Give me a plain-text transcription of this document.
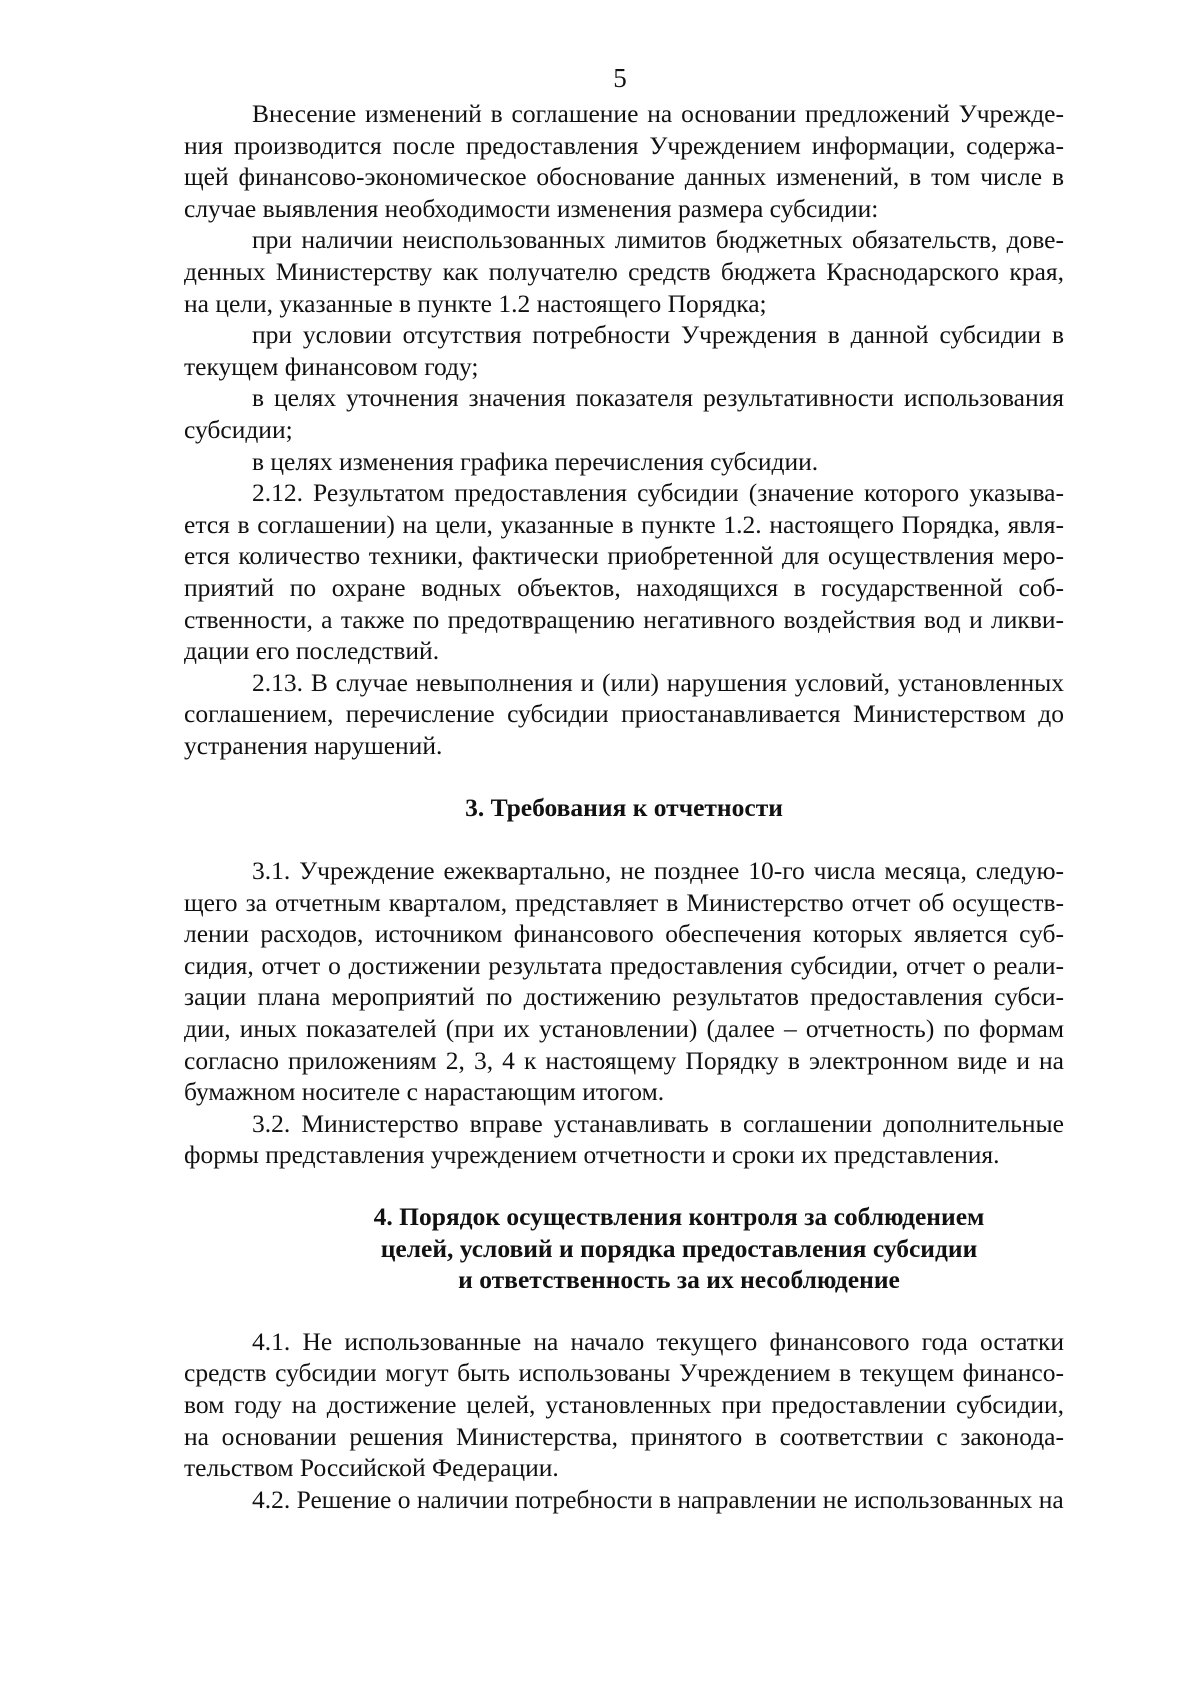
5

Внесение изменений в соглашение на основании предложений Учрежде-ния производится после предоставления Учреждением информации, содержа-щей финансово-экономическое обоснование данных изменений, в том числе в случае выявления необходимости изменения размера субсидии:

при наличии неиспользованных лимитов бюджетных обязательств, дове-денных Министерству как получателю средств бюджета Краснодарского края, на цели, указанные в пункте 1.2 настоящего Порядка;

при условии отсутствия потребности Учреждения в данной субсидии в текущем финансовом году;

в целях уточнения значения показателя результативности использования субсидии;

в целях изменения графика перечисления субсидии.

2.12. Результатом предоставления субсидии (значение которого указыва-ется в соглашении) на цели, указанные в пункте 1.2. настоящего Порядка, явля-ется количество техники, фактически приобретенной для осуществления меро-приятий по охране водных объектов, находящихся в государственной соб-ственности, а также по предотвращению негативного воздействия вод и ликви-дации его последствий.

2.13. В случае невыполнения и (или) нарушения условий, установленных соглашением, перечисление субсидии приостанавливается Министерством до устранения нарушений.

3. Требования к отчетности

3.1. Учреждение ежеквартально, не позднее 10-го числа месяца, следую-щего за отчетным кварталом, представляет в Министерство отчет об осуществ-лении расходов, источником финансового обеспечения которых является суб-сидия, отчет о достижении результата предоставления субсидии, отчет о реали-зации плана мероприятий по достижению результатов предоставления субси-дии, иных показателей (при их установлении) (далее – отчетность) по формам согласно приложениям 2, 3, 4 к настоящему Порядку в электронном виде и на бумажном носителе с нарастающим итогом.

3.2. Министерство вправе устанавливать в соглашении дополнительные формы представления учреждением отчетности и сроки их представления.

4. Порядок осуществления контроля за соблюдением
целей, условий и порядка предоставления субсидии
и ответственность за их несоблюдение

4.1. Не использованные на начало текущего финансового года остатки средств субсидии могут быть использованы Учреждением в текущем финансо-вом году на достижение целей, установленных при предоставлении субсидии, на основании решения Министерства, принятого в соответствии с законода-тельством Российской Федерации.

4.2. Решение о наличии потребности в направлении не использованных на
